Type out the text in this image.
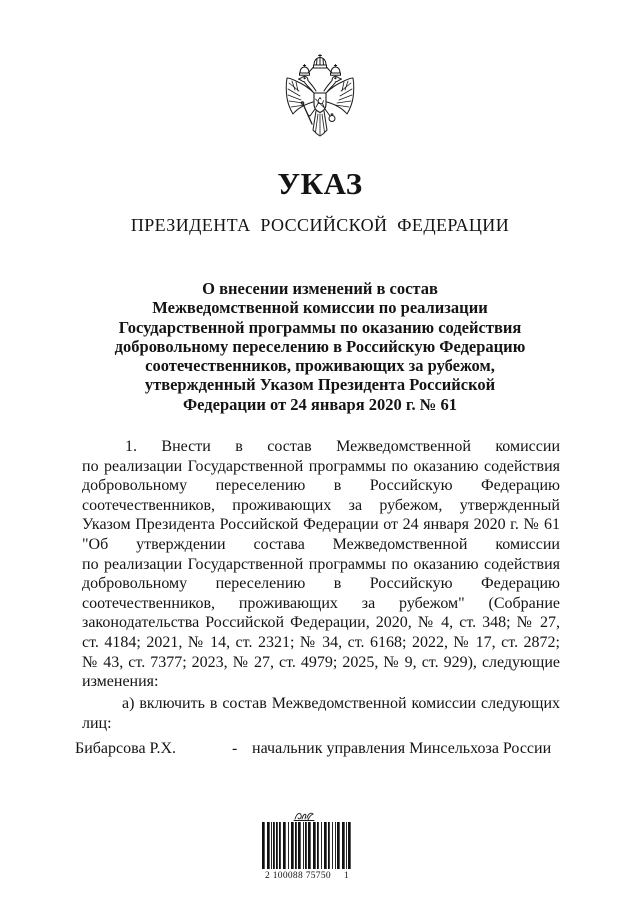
УКАЗ
ПРЕЗИДЕНТА РОССИЙСКОЙ ФЕДЕРАЦИИ
О внесении изменений в состав
Межведомственной комиссии по реализации
Государственной программы по оказанию содействия
добровольному переселению в Российскую Федерацию
соотечественников, проживающих за рубежом,
утвержденный Указом Президента Российской
Федерации от 24 января 2020 г. № 61
1. Внести в состав Межведомственной комиссии
по реализации Государственной программы по оказанию содействия
добровольному переселению в Российскую Федерацию
соотечественников, проживающих за рубежом, утвержденный
Указом Президента Российской Федерации от 24 января 2020 г. № 61
"Об утверждении состава Межведомственной комиссии
по реализации Государственной программы по оказанию содействия
добровольному переселению в Российскую Федерацию
соотечественников, проживающих за рубежом" (Собрание
законодательства Российской Федерации, 2020, № 4, ст. 348; № 27,
ст. 4184; 2021, № 14, ст. 2321; № 34, ст. 6168; 2022, № 17, ст. 2872;
№ 43, ст. 7377; 2023, № 27, ст. 4979; 2025, № 9, ст. 929), следующие
изменения:
а) включить в состав Межведомственной комиссии следующих
лиц:
Бибарсова Р.Х.	- начальник управления Минсельхоза России
2 100088 75750 1
